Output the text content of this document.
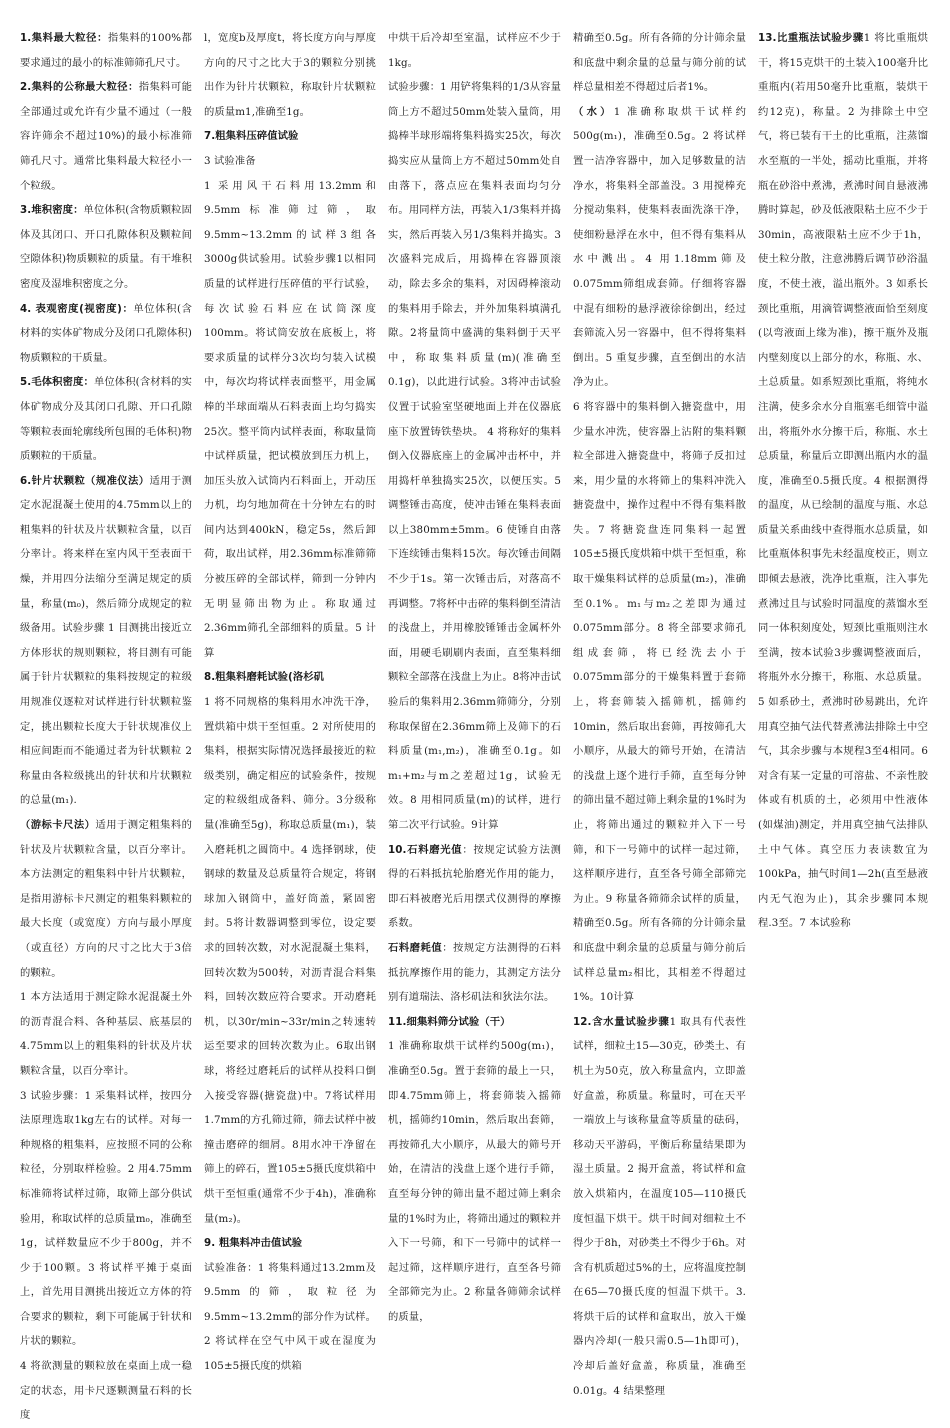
1.集料最大粒径：指集料的100%都要求通过的最小的标准筛筛孔尺寸。

2.集料的公称最大粒径：指集料可能全部通过或允许有少量不通过（一般容许筛余不超过10%)的最小标准筛筛孔尺寸。通常比集料最大粒径小一个粒级。

3.堆积密度：单位体积(含物质颗粒固体及其闭口、开口孔隙体积及颗粒间空隙体积)物质颗粒的质量。有干堆积密度及湿堆积密度之分。

4. 表观密度(视密度)：单位体积(含材料的实体矿物成分及闭口孔隙体积)物质颗粒的干质量。

5.毛体积密度：单位体积(含材料的实体矿物成分及其闭口孔隙、开口孔隙等颗粒表面轮廓线所包围的毛体积)物质颗粒的干质量。

6.针片状颗粒（规准仪法）适用于测定水泥混凝土使用的4.75mm以上的粗集料的针状及片状颗粒含量，以百分率计。将来样在室内风干至表面干燥，并用四分法缩分至满足规定的质量，称量(m₀)，然后筛分成规定的粒级备用。试验步骤 1 目测挑出接近立方体形状的规则颗粒，将目测有可能属于针片状颗粒的集料按规定的粒级用规准仪逐粒对试样进行针状颗粒鉴定，挑出颗粒长度大于针状规准仪上相应间距而不能通过者为针状颗粒 2 称量由各粒级挑出的针状和片状颗粒的总量(m₁).

（游标卡尺法）适用于测定粗集料的针状及片状颗粒含量，以百分率计。本方法测定的粗集料中针片状颗粒，是指用游标卡尺测定的粗集料颗粒的最大长度（或宽度）方向与最小厚度（或直径）方向的尺寸之比大于3倍的颗粒。

1 本方法适用于测定除水泥混凝土外的沥青混合料、各种基层、底基层的4.75mm以上的粗集料的针状及片状颗粒含量，以百分率计。

3 试验步骤：1 采集料试样，按四分法原理选取1kg左右的试样。对每一种规格的粗集料，应按照不同的公称粒径，分别取样检验。2 用4.75mm标准筛将试样过筛，取筛上部分供试验用，称取试样的总质量m₀，准确至1g，试样数量应不少于800g，并不少于100颗。3 将试样平摊于桌面上，首先用目测挑出接近立方体的符合要求的颗粒，剩下可能属于针状和片状的颗粒。

4 将欲测量的颗粒放在桌面上成一稳定的状态，用卡尺逐颗测量石料的长度

l，宽度b及厚度t，将长度方向与厚度方向的尺寸之比大于3的颗粒分别挑出作为针片状颗粒，称取针片状颗粒的质量m1,准确至1g。

7.粗集料压碎值试验

3 试验准备

1 采用风干石料用13.2mm和9.5mm标准筛过筛，取9.5mm~13.2mm的试样3组各3000g供试验用。试验步骤1以相同质量的试样进行压碎值的平行试验，每次试验石料应在试筒深度100mm。将试筒安放在底板上，将要求质量的试样分3次均匀装入试模中，每次均将试样表面整平，用金属棒的半球面端从石料表面上均匀捣实25次。整平筒内试样表面，称取量筒中试样质量，把试模放到压力机上，加压头放入试筒内石料面上，开动压力机，均匀地加荷在十分钟左右的时间内达到400kN，稳定5s，然后卸荷，取出试样，用2.36mm标准筛筛分被压碎的全部试样，筛到一分钟内无明显筛出物为止。称取通过2.36mm筛孔全部细料的质量。5 计算

8.粗集料磨耗试验(洛杉矶

1 将不同规格的集料用水冲洗干净，置烘箱中烘干至恒重。2 对所使用的集料，根据实际情况选择最接近的粒级类别，确定相应的试验条件，按规定的粒级组成备料、筛分。3分级称量(准确至5g)，称取总质量(m₁)，装入磨耗机之圆筒中。4 选择钢球，使钢球的数量及总质量符合规定，将钢球加入钢筒中，盖好筒盖，紧固密封。5将计数器调整到零位，设定要求的回转次数，对水泥混凝土集料，回转次数为500转，对沥青混合料集料，回转次数应符合要求。开动磨耗机，以30r/min~33r/min之转速转运至要求的回转次数为止。6取出钢球，将经过磨耗后的试样从投料口倒入接受容器(搪瓷盘)中。7将试样用1.7mm的方孔筛过筛，筛去试样中被撞击磨碎的细屑。8用水冲干净留在筛上的碎石，置105±5摄氏度烘箱中烘干至恒重(通常不少于4h)，准确称量(m₂)。

9. 粗集料冲击值试验

试验准备：1 将集料通过13.2mm及9.5mm的筛，取粒径为9.5mm~13.2mm的部分作为试样。2 将试样在空气中风干或在湿度为105±5摄氏度的烘箱

中烘干后冷却至室温，试样应不少于1kg。

试验步骤：1 用铲将集料的1/3从容量筒上方不超过50mm处装入量筒，用捣棒半球形端将集料捣实25次，每次捣实应从量筒上方不超过50mm处自由落下，落点应在集料表面均匀分布。用同样方法，再装入1/3集料并捣实，然后再装入另1/3集料并捣实。3次盛料完成后，用捣棒在容器顶滚动，除去多余的集料，对因碍棒滚动的集料用手除去，并外加集料填满孔隙。2将量筒中盛满的集料倒于天平中，称取集料质量(m)(准确至0.1g)，以此进行试验。3将冲击试验仪置于试验室坚硬地面上并在仪器底座下放置铸铁垫块。 4 将称好的集料倒入仪器底座上的金属冲击杯中，并用捣杆单独捣实25次，以便压实。5 调整锤击高度，使冲击锤在集料表面以上380mm±5mm。6 使锤自由落下连续锤击集料15次。每次锤击间隔不少于1s。第一次锤击后，对落高不再调整。7将杯中击碎的集料倒至清洁的浅盘上，并用橡胶锤锤击金属杯外面，用硬毛刷刷内表面，直至集料细颗粒全部落在浅盘上为止。8将冲击试验后的集料用2.36mm筛筛分，分别称取保留在2.36mm筛上及筛下的石料质量(m₁,m₂)，准确至0.1g。如m₁+m₂与m之差超过1g，试验无效。8 用相同质量(m)的试样，进行第二次平行试验。9计算

10.石料磨光值：按规定试验方法测得的石料抵抗轮胎磨光作用的能力，即石料被磨光后用摆式仪测得的摩擦系数。

石料磨耗值：按规定方法测得的石料抵抗摩擦作用的能力，其测定方法分别有道瑞法、洛杉矶法和狄法尔法。

11.细集料筛分试验（干）

1 准确称取烘干试样约500g(m₁)，准确至0.5g。置于套筛的最上一只，即4.75mm筛上，将套筛装入摇筛机，摇筛约10min，然后取出套筛，再按筛孔大小顺序，从最大的筛号开始，在清洁的浅盘上逐个进行手筛，直至每分钟的筛出量不超过筛上剩余量的1%时为止，将筛出通过的颗粒并入下一号筛，和下一号筛中的试样一起过筛，这样顺序进行，直至各号筛全部筛完为止。2 称量各筛筛余试样的质量，

精确至0.5g。所有各筛的分计筛余量和底盘中剩余量的总量与筛分前的试样总量相差不得超过后者1%。

（水）1 准确称取烘干试样约500g(m₁)，准确至0.5g。2 将试样置一洁净容器中，加入足够数量的洁净水，将集料全部盖没。3 用搅棒充分搅动集料，使集料表面洗涤干净，使细粉悬浮在水中，但不得有集料从水中溅出。4 用1.18mm筛及0.075mm筛组成套筛。仔细将容器中混有细粉的悬浮液徐徐倒出，经过套筛流入另一容器中，但不得将集料倒出。5 重复步骤，直至倒出的水洁净为止。

6 将容器中的集料倒入搪瓷盘中，用少量水冲洗，使容器上沾附的集料颗粒全部进入搪瓷盘中，将筛子反扣过来，用少量的水将筛上的集料冲洗入搪瓷盘中，操作过程中不得有集料散失。7 将搪瓷盘连同集料一起置105±5摄氏度烘箱中烘干至恒重，称取干燥集料试样的总质量(m₂)，准确至0.1%。m₁与m₂之差即为通过0.075mm部分。8 将全部要求筛孔组成套筛，将已经洗去小于0.075mm部分的干燥集料置于套筛上，将套筛装入摇筛机，摇筛约10min，然后取出套筛，再按筛孔大小顺序，从最大的筛号开始，在清洁的浅盘上逐个进行手筛，直至每分钟的筛出量不超过筛上剩余量的1%时为止，将筛出通过的颗粒并入下一号筛，和下一号筛中的试样一起过筛，这样顺序进行，直至各号筛全部筛完为止。9 称量各筛筛余试样的质量，精确至0.5g。所有各筛的分计筛余量和底盘中剩余量的总质量与筛分前后试样总量m₂相比，其相差不得超过1%。10计算

12.含水量试验步骤1 取具有代表性试样，细粒土15—30克，砂类土、有机土为50克，放入称量盒内，立即盖好盒盖，称质量。称量时，可在天平一端放上与该称量盒等质量的砝码，移动天平游码，平衡后称量结果即为湿土质量。2 揭开盒盖，将试样和盒放入烘箱内，在温度105—110摄氏度恒温下烘干。烘干时间对细粒土不得少于8h，对砂类土不得少于6h。对含有机质超过5%的土，应将温度控制在65—70摄氏度的恒温下烘干。3. 将烘干后的试样和盒取出，放入干燥器内冷却(一般只需0.5—1h即可)，冷却后盖好盒盖，称质量，准确至0.01g。4 结果整理

13.比重瓶法试验步骤1 将比重瓶烘干，将15克烘干的土装入100毫升比重瓶内(若用50毫升比重瓶，装烘干约12克)，称量。2 为排除土中空气，将已装有干土的比重瓶，注蒸馏水至瓶的一半处，摇动比重瓶，并将瓶在砂浴中煮沸，煮沸时间自悬液沸腾时算起，砂及低液限粘土应不少于30min，高液限粘土应不少于1h，使土粒分散，注意沸腾后调节砂浴温度，不使土液，溢出瓶外。3 如系长颈比重瓶，用滴管调整液面恰至刻度(以弯液面上缘为准)，擦干瓶外及瓶内壁刻度以上部分的水，称瓶、水、土总质量。如系短颈比重瓶，将纯水注满，使多余水分自瓶塞毛细管中溢出，将瓶外水分擦干后，称瓶、水土总质量，称量后立即测出瓶内水的温度，准确至0.5摄氏度。4 根据测得的温度，从已绘制的温度与瓶、水总质量关系曲线中查得瓶水总质量，如比重瓶体积事先未经温度校正，则立即倾去悬液，洗净比重瓶，注入事先煮沸过且与试验时同温度的蒸馏水至同一体积刻度处，短颈比重瓶则注水至满，按本试验3步骤调整液面后，将瓶外水分擦干，称瓶、水总质量。5 如系砂土，煮沸时砂易跳出，允许用真空抽气法代替煮沸法排除土中空气，其余步骤与本规程3至4相同。6 对含有某一定量的可溶盐、不亲性胶体或有机质的土，必须用中性液体(如煤油)测定，并用真空抽气法排队土中气体。真空压力表读数宜为100kPa，抽气时间1—2h(直至悬液内无气泡为止)，其余步骤同本规程.3至。7 本试验称
